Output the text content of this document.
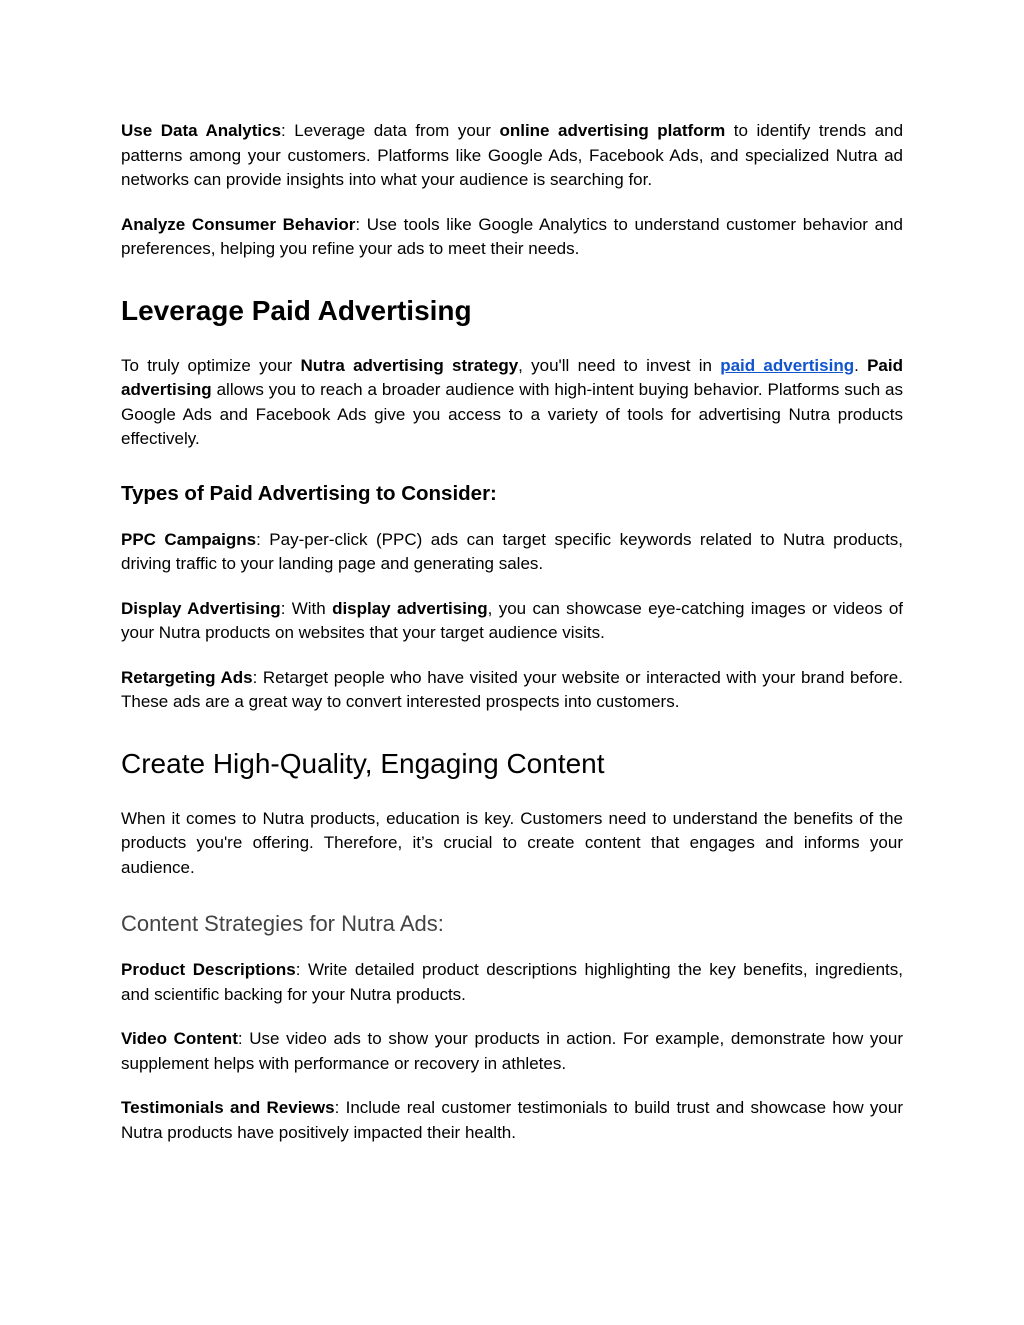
Use Data Analytics: Leverage data from your online advertising platform to identify trends and patterns among your customers. Platforms like Google Ads, Facebook Ads, and specialized Nutra ad networks can provide insights into what your audience is searching for.

Analyze Consumer Behavior: Use tools like Google Analytics to understand customer behavior and preferences, helping you refine your ads to meet their needs.

Leverage Paid Advertising

To truly optimize your Nutra advertising strategy, you'll need to invest in paid advertising. Paid advertising allows you to reach a broader audience with high-intent buying behavior. Platforms such as Google Ads and Facebook Ads give you access to a variety of tools for advertising Nutra products effectively.

Types of Paid Advertising to Consider:

PPC Campaigns: Pay-per-click (PPC) ads can target specific keywords related to Nutra products, driving traffic to your landing page and generating sales.

Display Advertising: With display advertising, you can showcase eye-catching images or videos of your Nutra products on websites that your target audience visits.

Retargeting Ads: Retarget people who have visited your website or interacted with your brand before. These ads are a great way to convert interested prospects into customers.

Create High-Quality, Engaging Content

When it comes to Nutra products, education is key. Customers need to understand the benefits of the products you're offering. Therefore, it’s crucial to create content that engages and informs your audience.

Content Strategies for Nutra Ads:

Product Descriptions: Write detailed product descriptions highlighting the key benefits, ingredients, and scientific backing for your Nutra products.

Video Content: Use video ads to show your products in action. For example, demonstrate how your supplement helps with performance or recovery in athletes.

Testimonials and Reviews: Include real customer testimonials to build trust and showcase how your Nutra products have positively impacted their health.
